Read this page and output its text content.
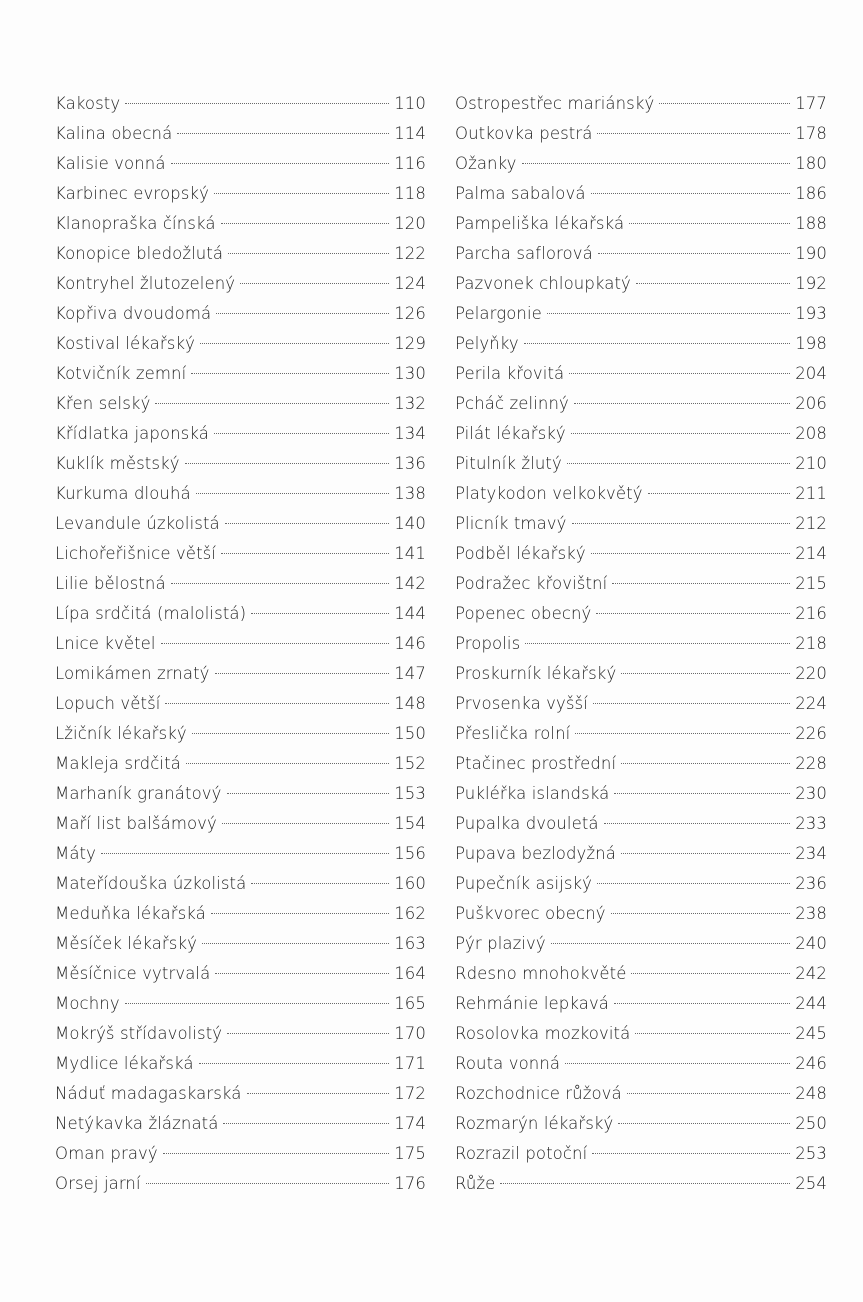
Kakosty	110
Kalina obecná	114
Kalisie vonná	116
Karbinec evropský	118
Klanopraška čínská	120
Konopice bledožlutá	122
Kontryhel žlutozelený	124
Kopřiva dvoudomá	126
Kostival lékařský	129
Kotvičník zemní	130
Křen selský	132
Křídlatka japonská	134
Kuklík městský	136
Kurkuma dlouhá	138
Levandule úzkolistá	140
Lichořeřišnice větší	141
Lilie bělostná	142
Lípa srdčitá (malolistá)	144
Lnice květel	146
Lomikámen zrnatý	147
Lopuch větší	148
Lžičník lékařský	150
Makleja srdčitá	152
Marhaník granátový	153
Maří list balšámový	154
Máty	156
Mateřídouška úzkolistá	160
Meduňka lékařská	162
Měsíček lékařský	163
Měsíčnice vytrvalá	164
Mochny	165
Mokrýš střídavolistý	170
Mydlice lékařská	171
Náduť madagaskarská	172
Netýkavka žláznatá	174
Oman pravý	175
Orsej jarní	176
Ostropestřec mariánský	177
Outkovka pestrá	178
Ožanky	180
Palma sabalová	186
Pampeliška lékařská	188
Parcha saflorová	190
Pazvonek chloupkatý	192
Pelargonie	193
Pelyňky	198
Perila křovitá	204
Pcháč zelinný	206
Pilát lékařský	208
Pitulník žlutý	210
Platykodon velkokvětý	211
Plicník tmavý	212
Podběl lékařský	214
Podražec křovištní	215
Popenec obecný	216
Propolis	218
Proskurník lékařský	220
Prvosenka vyšší	224
Přeslička rolní	226
Ptačinec prostřední	228
Pukléřka islandská	230
Pupalka dvouletá	233
Pupava bezlodyžná	234
Pupečník asijský	236
Puškvorec obecný	238
Pýr plazivý	240
Rdesno mnohokvěté	242
Rehmánie lepkavá	244
Rosolovka mozkovitá	245
Routa vonná	246
Rozchodnice růžová	248
Rozmarýn lékařský	250
Rozrazil potoční	253
Růže	254
